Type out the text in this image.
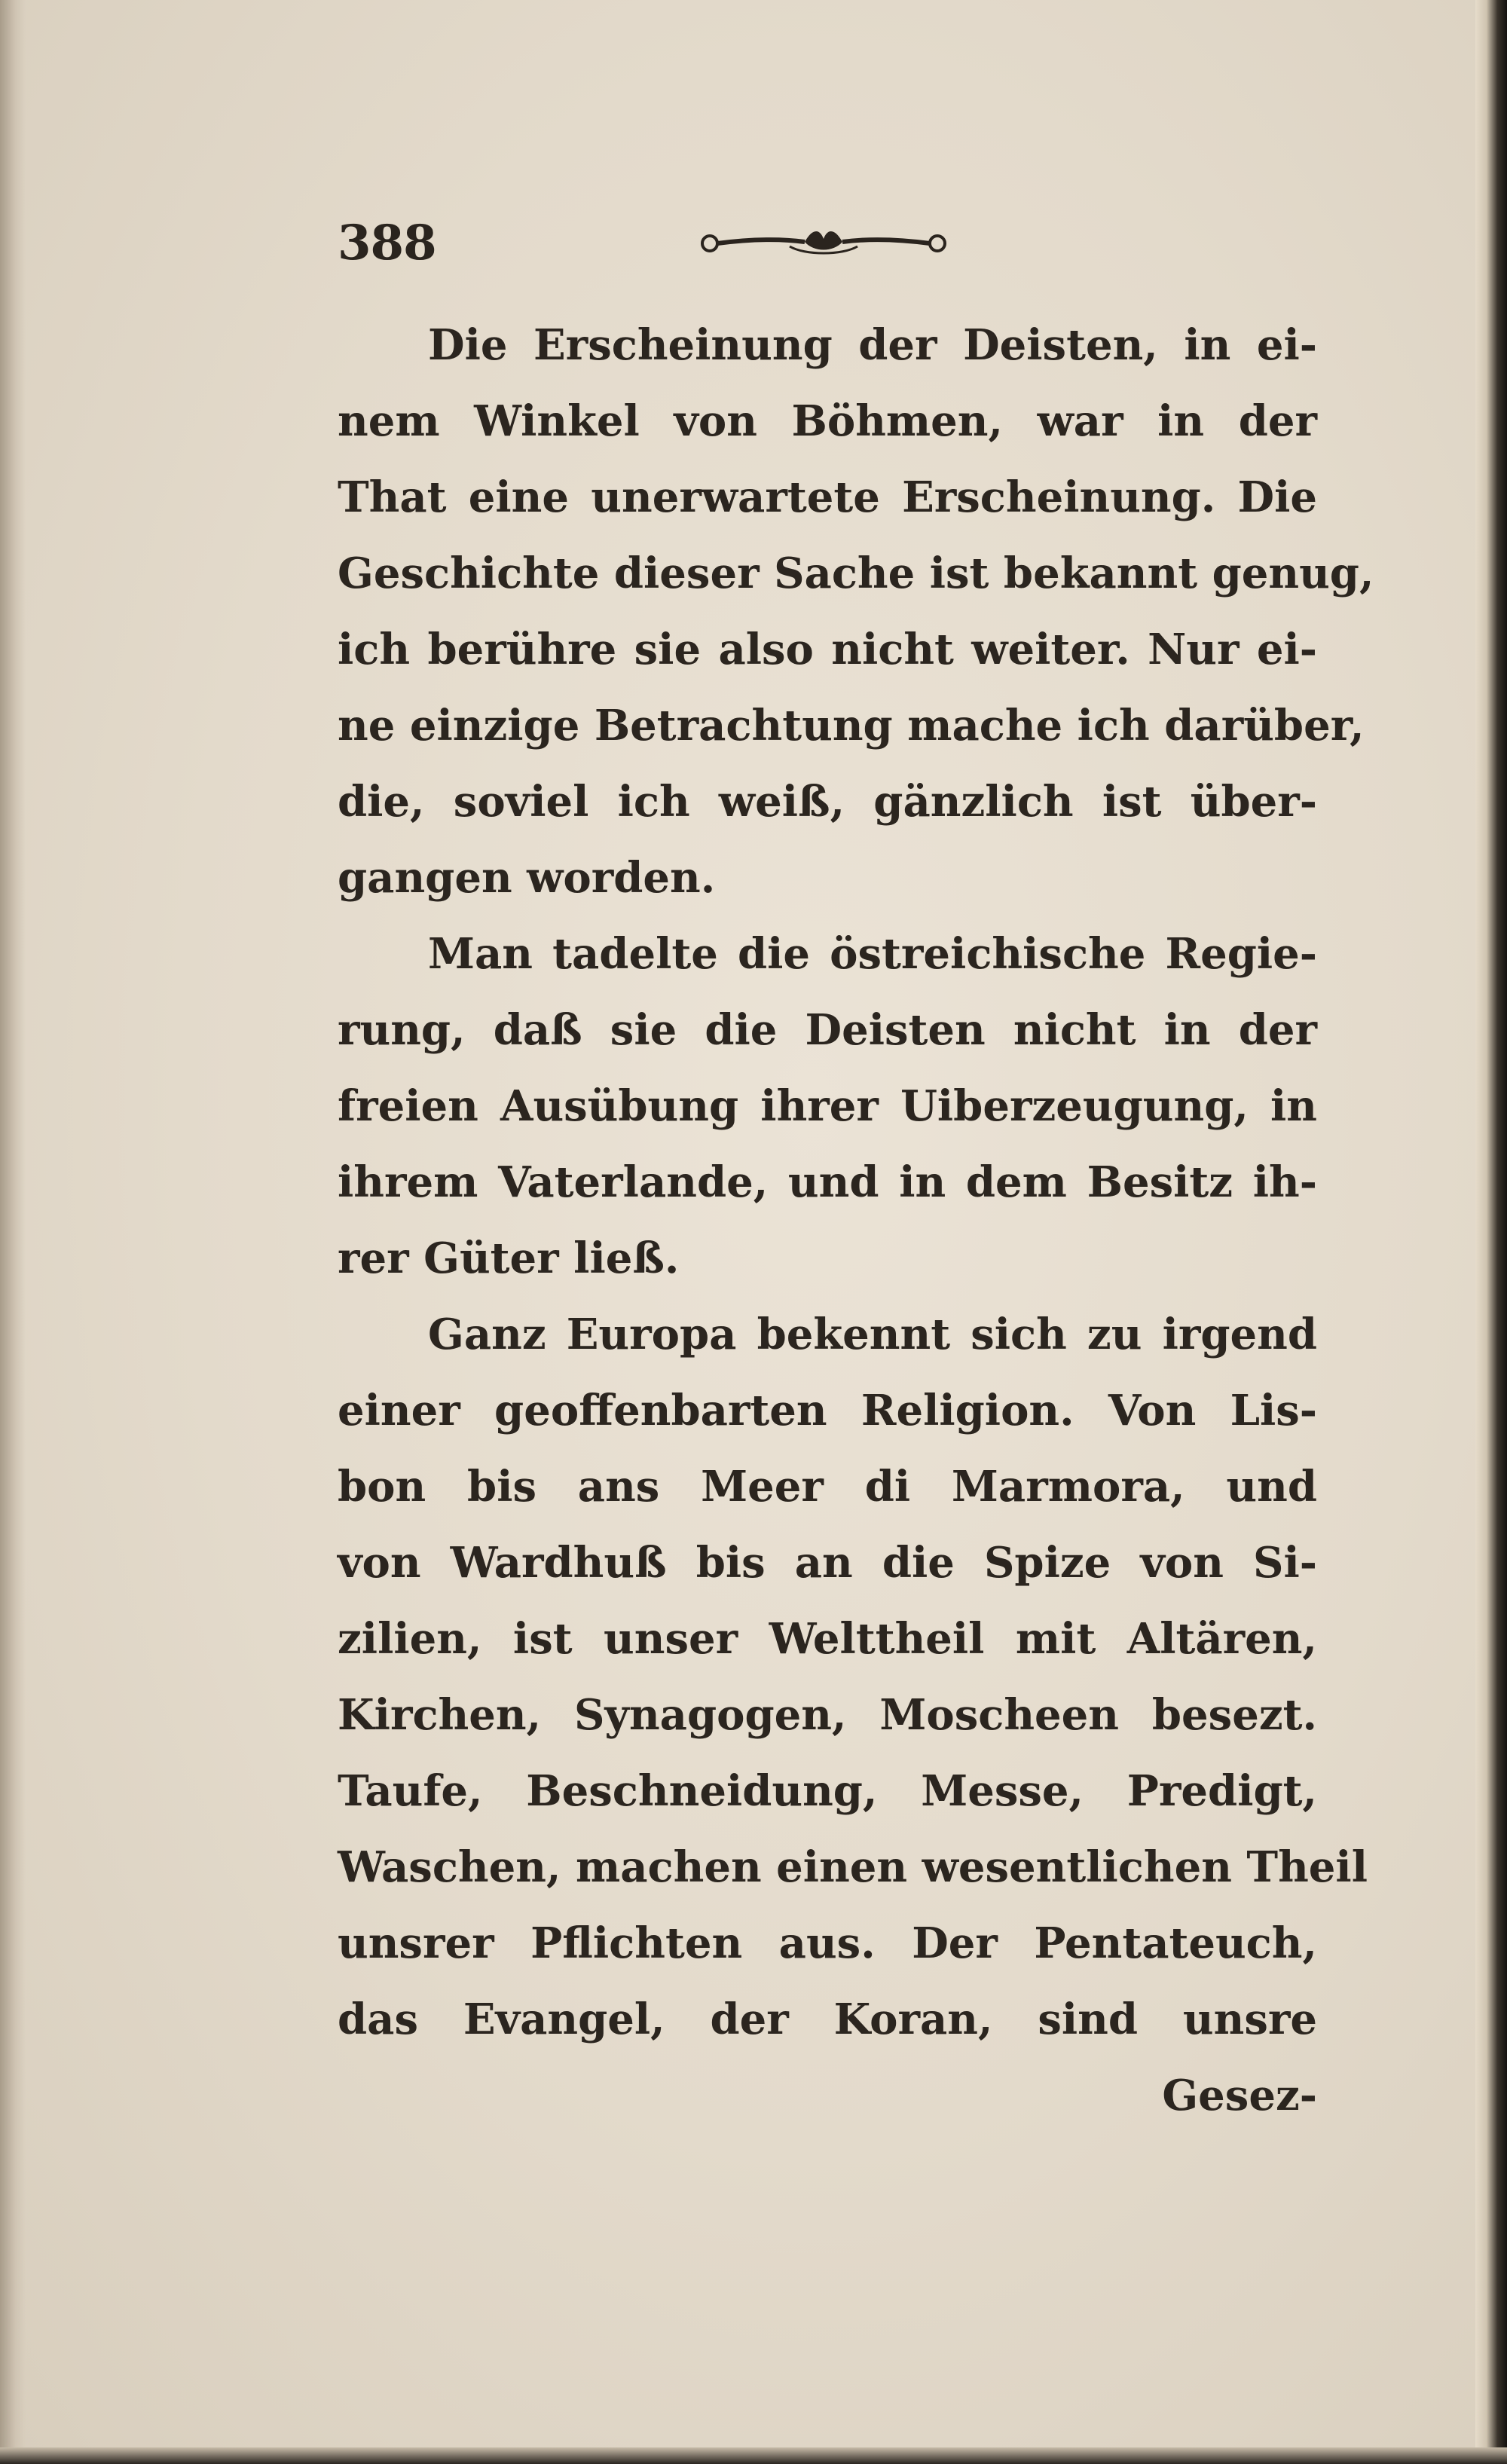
388
Die Erscheinung der Deisten, in ei-
nem Winkel von Böhmen, war in der
That eine unerwartete Erscheinung. Die
Geschichte dieser Sache ist bekannt genug,
ich berühre sie also nicht weiter. Nur ei-
ne einzige Betrachtung mache ich darüber,
die, soviel ich weiß, gänzlich ist über-
gangen worden.
Man tadelte die östreichische Regie-
rung, daß sie die Deisten nicht in der
freien Ausübung ihrer Uiberzeugung, in
ihrem Vaterlande, und in dem Besitz ih-
rer Güter ließ.
Ganz Europa bekennt sich zu irgend
einer geoffenbarten Religion. Von Lis-
bon bis ans Meer di Marmora, und
von Wardhuß bis an die Spize von Si-
zilien, ist unser Welttheil mit Altären,
Kirchen, Synagogen, Moscheen besezt.
Taufe, Beschneidung, Messe, Predigt,
Waschen, machen einen wesentlichen Theil
unsrer Pflichten aus. Der Pentateuch,
das Evangel, der Koran, sind unsre
Gesez-
